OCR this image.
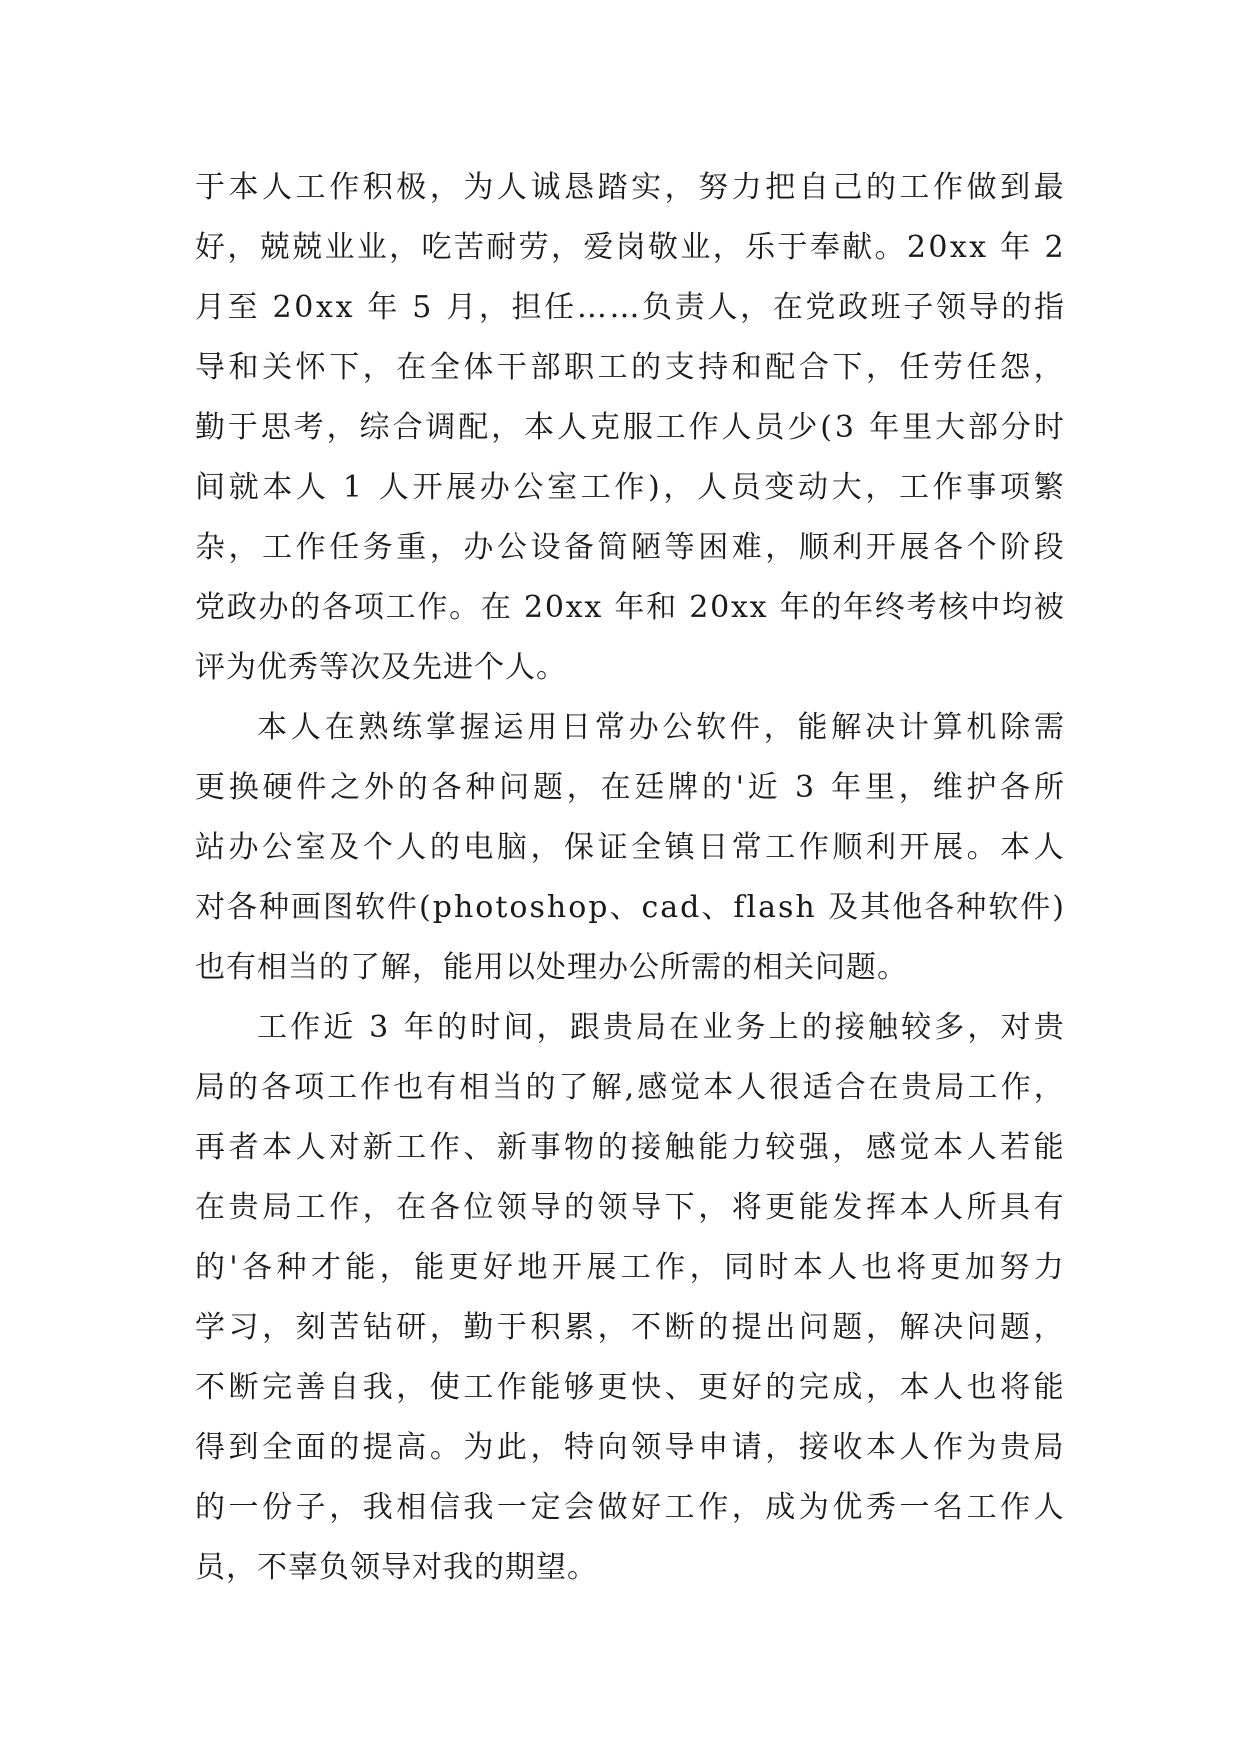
于 本 人 工 作 积 极 ， 为 人 诚 恳 踏 实 ， 努 力 把 自 己 的 工 作 做 到 最
好 ， 兢 兢 业 业 ， 吃 苦 耐 劳 ， 爱 岗 敬 业 ， 乐 于 奉 献 。 2 0 x x
年
2
月 至
2 0 x x
年
5
月 ， 担 任 … … 负 责 人 ， 在 党 政 班 子 领 导 的 指
导 和 关 怀 下 ， 在 全 体 干 部 职 工 的 支 持 和 配 合 下 ， 任 劳 任 怨 ，
勤 于 思 考 ， 综 合 调 配 ， 本 人 克 服 工 作 人 员 少 ( 3
年 里 大 部 分 时
间 就 本 人
1
人 开 展 办 公 室 工 作 ) ， 人 员 变 动 大 ， 工 作 事 项 繁
杂 ， 工 作 任 务 重 ， 办 公 设 备 简 陋 等 困 难 ， 顺 利 开 展 各 个 阶 段
党 政 办 的 各 项 工 作 。 在
2 0 x x
年 和
2 0 x x
年 的 年 终 考 核 中 均 被
评为优秀等次及先进个人。
本 人 在 熟 练 掌 握 运 用 日 常 办 公 软 件 ， 能 解 决 计 算 机 除 需
更 换 硬 件 之 外 的 各 种 问 题 ， 在 廷 牌 的 ' 近
3
年 里 ， 维 护 各 所
站 办 公 室 及 个 人 的 电 脑 ， 保 证 全 镇 日 常 工 作 顺 利 开 展 。 本 人
对 各 种 画 图 软 件 ( p h o t o s h o p 、 c a d 、 f l a s h
及 其 他 各 种 软 件 )
也有相当的了解，能用以处理办公所需的相关问题。
工 作 近
3
年 的 时 间 ， 跟 贵 局 在 业 务 上 的 接 触 较 多 ， 对 贵
局 的 各 项 工 作 也 有 相 当 的 了 解 , 感 觉 本 人 很 适 合 在 贵 局 工 作 ，
再 者 本 人 对 新 工 作 、 新 事 物 的 接 触 能 力 较 强 ， 感 觉 本 人 若 能
在 贵 局 工 作 ， 在 各 位 领 导 的 领 导 下 ， 将 更 能 发 挥 本 人 所 具 有
的 ' 各 种 才 能 ， 能 更 好 地 开 展 工 作 ， 同 时 本 人 也 将 更 加 努 力
学 习 ， 刻 苦 钻 研 ， 勤 于 积 累 ， 不 断 的 提 出 问 题 ， 解 决 问 题 ，
不 断 完 善 自 我 ， 使 工 作 能 够 更 快 、 更 好 的 完 成 ， 本 人 也 将 能
得 到 全 面 的 提 高 。 为 此 ， 特 向 领 导 申 请 ， 接 收 本 人 作 为 贵 局
的 一 份 子 ， 我 相 信 我 一 定 会 做 好 工 作 ， 成 为 优 秀 一 名 工 作 人
员，不辜负领导对我的期望。
